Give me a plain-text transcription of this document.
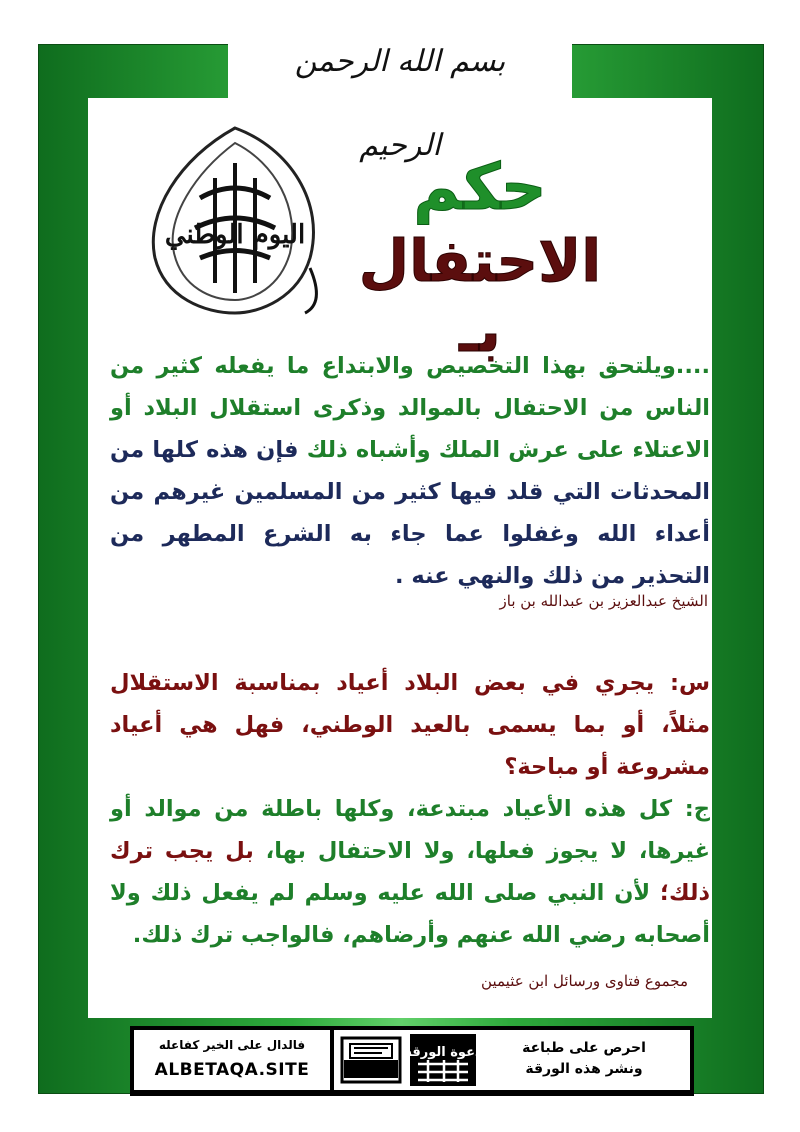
بسم الله الرحمن الرحيم
حكم
الاحتفال بـ
اليوم الوطني
....ويلتحق بهذا التخصيص والابتداع ما يفعله كثير من الناس من الاحتفال بالموالد وذكرى استقلال البلاد أو الاعتلاء على عرش الملك وأشباه ذلك فإن هذه كلها من المحدثات التي قلد فيها كثير من المسلمين غيرهم من أعداء الله وغفلوا عما جاء به الشرع المطهر من التحذير من ذلك والنهي عنه .
الشيخ عبدالعزيز بن عبدالله بن باز
س: يجري في بعض البلاد أعياد بمناسبة الاستقلال مثلاً، أو بما يسمى بالعيد الوطني، فهل هي أعياد مشروعة أو مباحة؟
ج: كل هذه الأعياد مبتدعة، وكلها باطلة من موالد أو غيرها، لا يجوز فعلها، ولا الاحتفال بها، بل يجب ترك ذلك؛ لأن النبي صلى الله عليه وسلم لم يفعل ذلك ولا أصحابه رضي الله عنهم وأرضاهم، فالواجب ترك ذلك.
مجموع فتاوى ورسائل ابن عثيمين
احرص على طباعة
ونشر هذه الورقة
دعوة الورقة
فالدال على الخير كفاعله
ALBETAQA.SITE
